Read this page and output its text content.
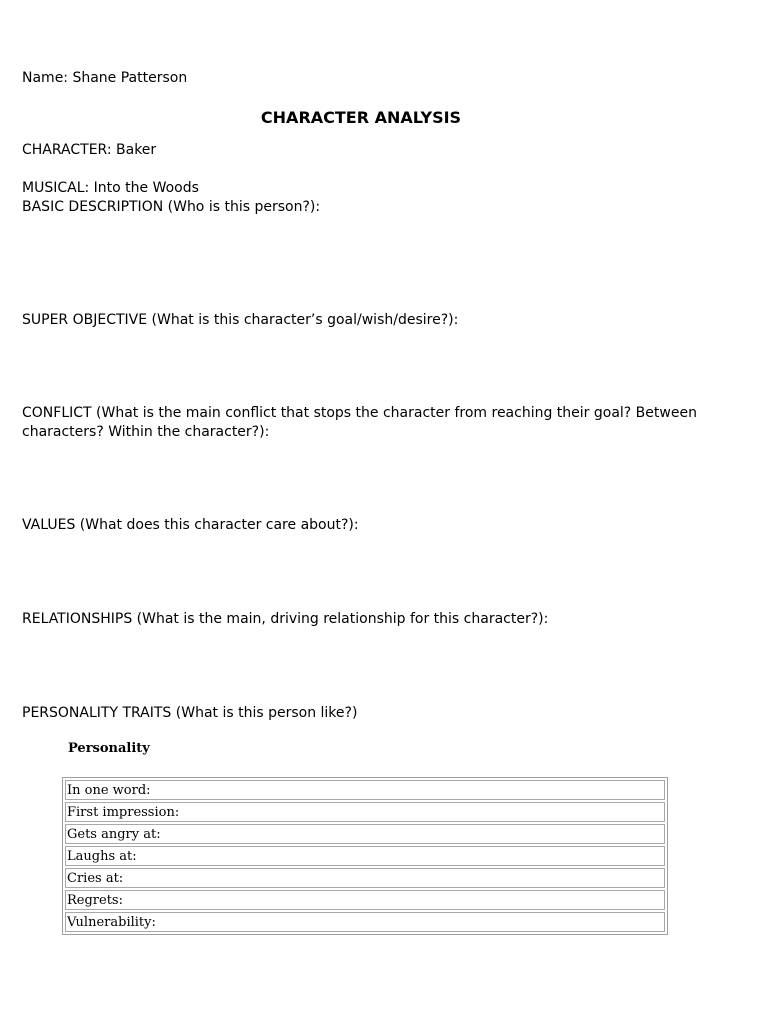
Name: Shane Patterson
CHARACTER ANALYSIS
CHARACTER: Baker
MUSICAL: Into the Woods
BASIC DESCRIPTION (Who is this person?):
SUPER OBJECTIVE (What is this character’s goal/wish/desire?):
CONFLICT (What is the main conflict that stops the character from reaching their goal? Between characters? Within the character?):
VALUES (What does this character care about?):
RELATIONSHIPS (What is the main, driving relationship for this character?):
PERSONALITY TRAITS (What is this person like?)
Personality
In one word:
First impression:
Gets angry at:
Laughs at:
Cries at:
Regrets:
Vulnerability:
